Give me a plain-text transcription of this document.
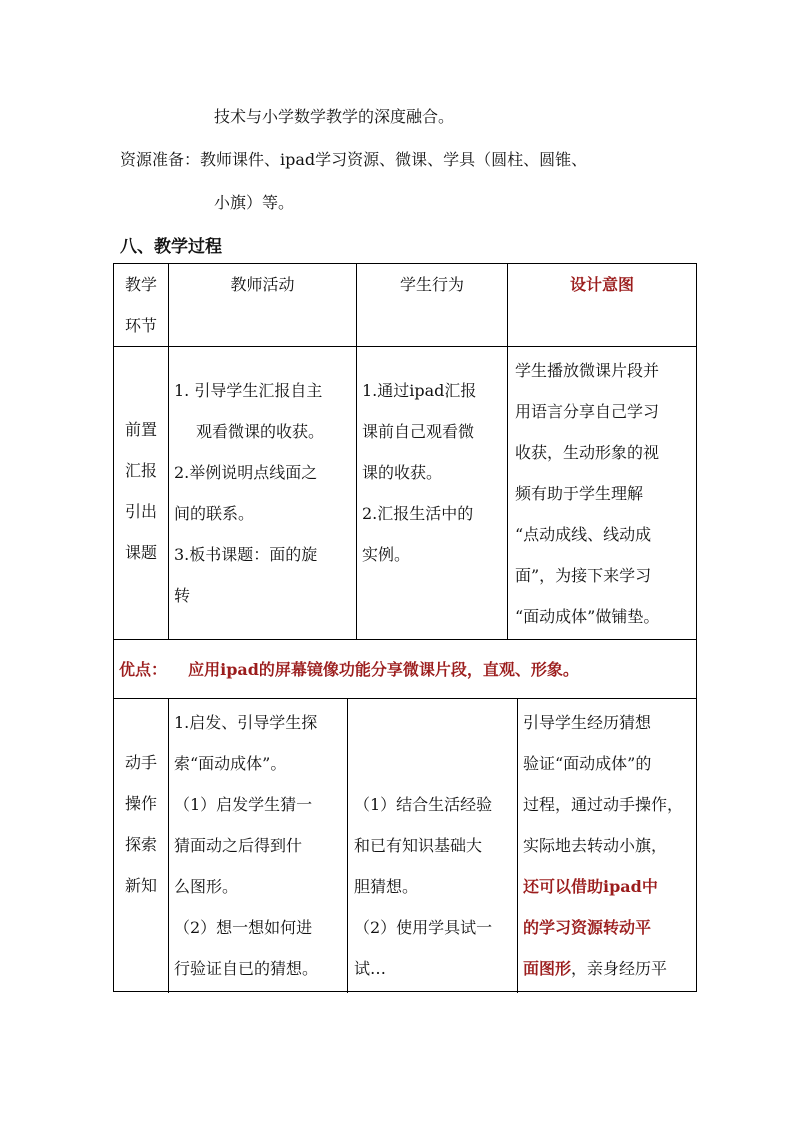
技术与小学数学教学的深度融合。
资源准备：教师课件、ipad学习资源、微课、学具（圆柱、圆锥、
小旗）等。
八、教学过程
教学
环节
教师活动	学生行为	设计意图
前置
汇报
引出
课题
1. 引导学生汇报自主
观看微课的收获。
2.举例说明点线面之
间的联系。
3.板书课题：面的旋
转
1.通过ipad汇报
课前自己观看微
课的收获。
2.汇报生活中的
实例。
学生播放微课片段并
用语言分享自己学习
收获，生动形象的视
频有助于学生理解
“点动成线、线动成
面”，为接下来学习
“面动成体”做铺垫。
优点： 应用ipad的屏幕镜像功能分享微课片段，直观、形象。
动手
操作
探索
新知
1.启发、引导学生探
索“面动成体”。
（1）启发学生猜一
猜面动之后得到什
么图形。
（2）想一想如何进
行验证自已的猜想。
（1）结合生活经验
和已有知识基础大
胆猜想。
（2）使用学具试一
试…
引导学生经历猜想
验证“面动成体”的
过程，通过动手操作，
实际地去转动小旗，
还可以借助ipad中
的学习资源转动平
面图形，亲身经历平
